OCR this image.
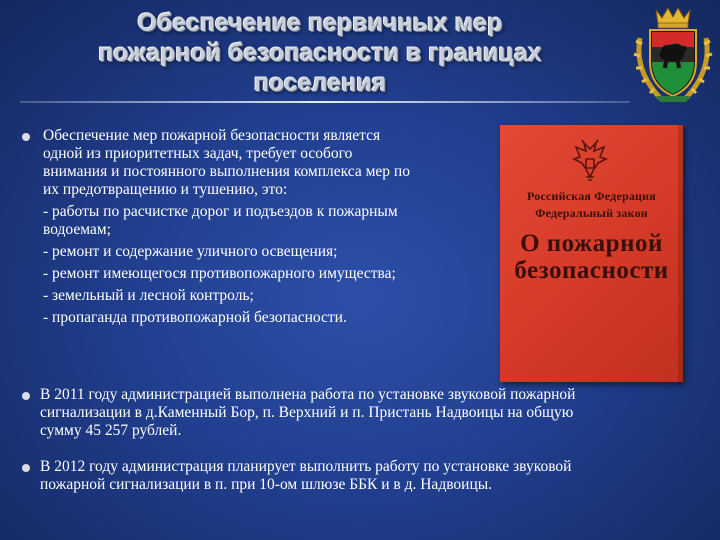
Обеспечение первичных мер
пожарной безопасности в границах
поселения

Обеспечение мер пожарной безопасности является

одной из приоритетных задач, требует особого

внимания и постоянного выполнения комплекса мер по

их предотвращению и тушению, это:

- работы по расчистке дорог и подъездов к пожарным

водоемам;

- ремонт и содержание уличного освещения;

- ремонт имеющегося противопожарного имущества;

- земельный и лесной контроль;

- пропаганда противопожарной безопасности.

Российская Федерация
Федеральный закон
О пожарной
безопасности

В 2011 году администрацией выполнена работа по установке звуковой пожарной

сигнализации в д.Каменный Бор, п. Верхний и п. Пристань Надвоицы на общую

сумму 45 257 рублей.

В 2012 году администрация планирует выполнить работу по установке звуковой

пожарной сигнализации в п. при 10-ом шлюзе ББК и в д. Надвоицы.
